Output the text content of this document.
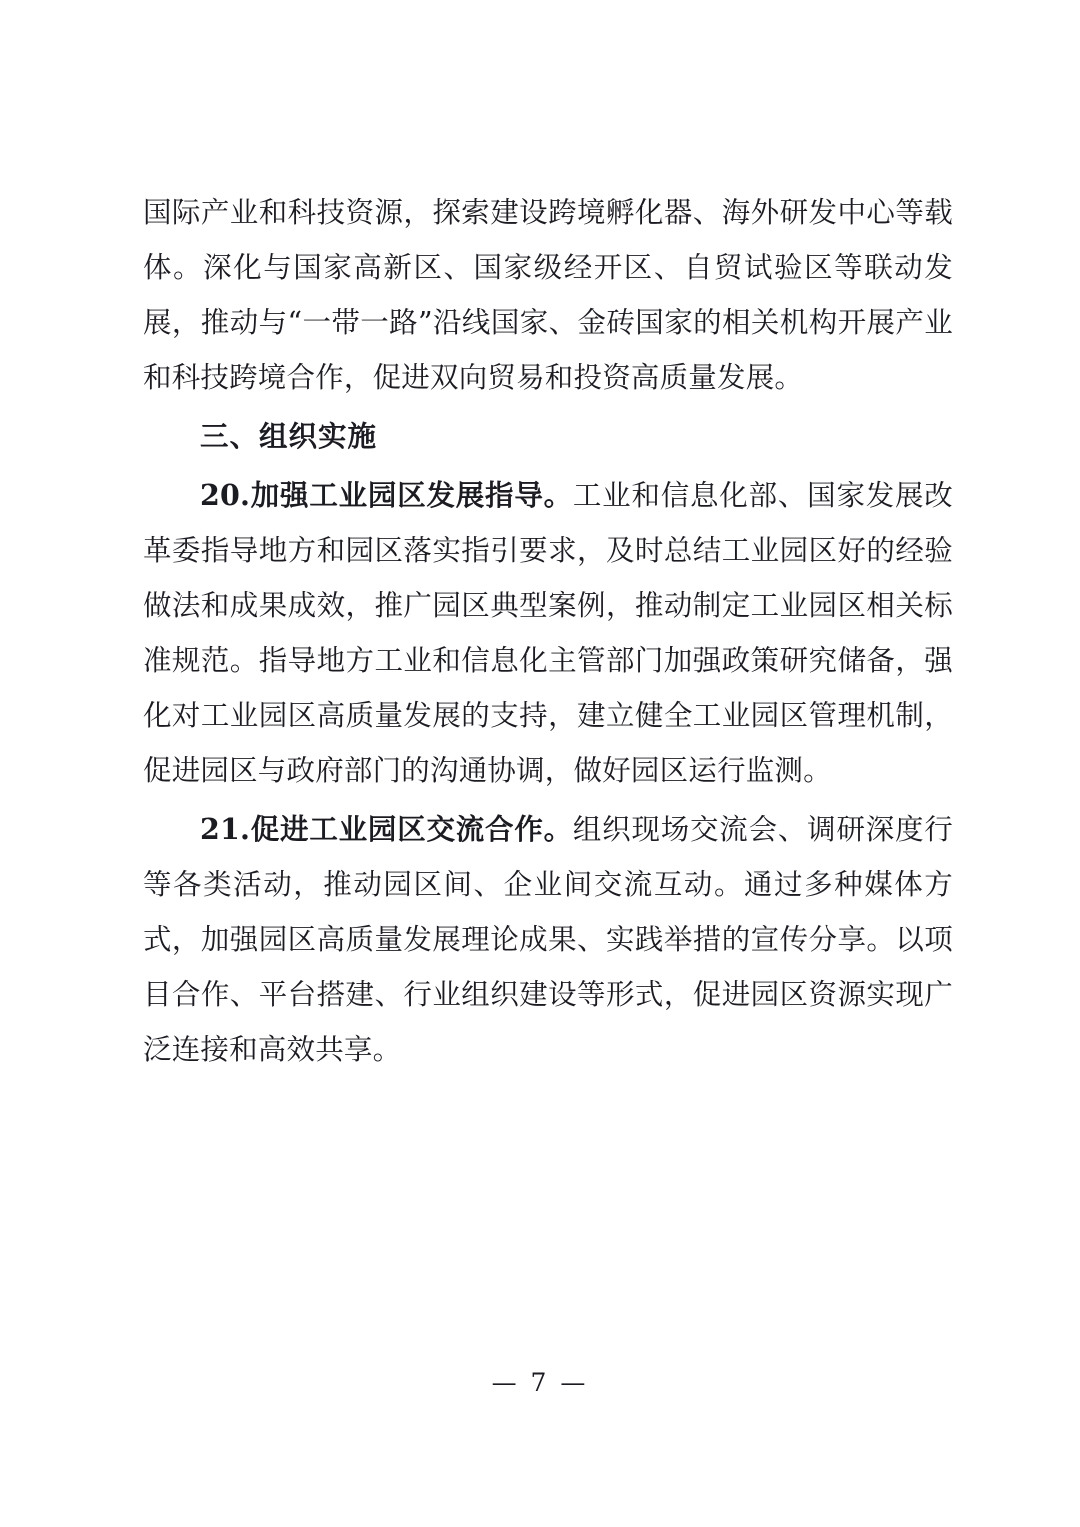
国际产业和科技资源，探索建设跨境孵化器、海外研发中心等载体。深化与国家高新区、国家级经开区、自贸试验区等联动发展，推动与“一带一路”沿线国家、金砖国家的相关机构开展产业和科技跨境合作，促进双向贸易和投资高质量发展。

三、组织实施

20.加强工业园区发展指导。工业和信息化部、国家发展改革委指导地方和园区落实指引要求，及时总结工业园区好的经验做法和成果成效，推广园区典型案例，推动制定工业园区相关标准规范。指导地方工业和信息化主管部门加强政策研究储备，强化对工业园区高质量发展的支持，建立健全工业园区管理机制，促进园区与政府部门的沟通协调，做好园区运行监测。

21.促进工业园区交流合作。组织现场交流会、调研深度行等各类活动，推动园区间、企业间交流互动。通过多种媒体方式，加强园区高质量发展理论成果、实践举措的宣传分享。以项目合作、平台搭建、行业组织建设等形式，促进园区资源实现广泛连接和高效共享。

— 7 —
